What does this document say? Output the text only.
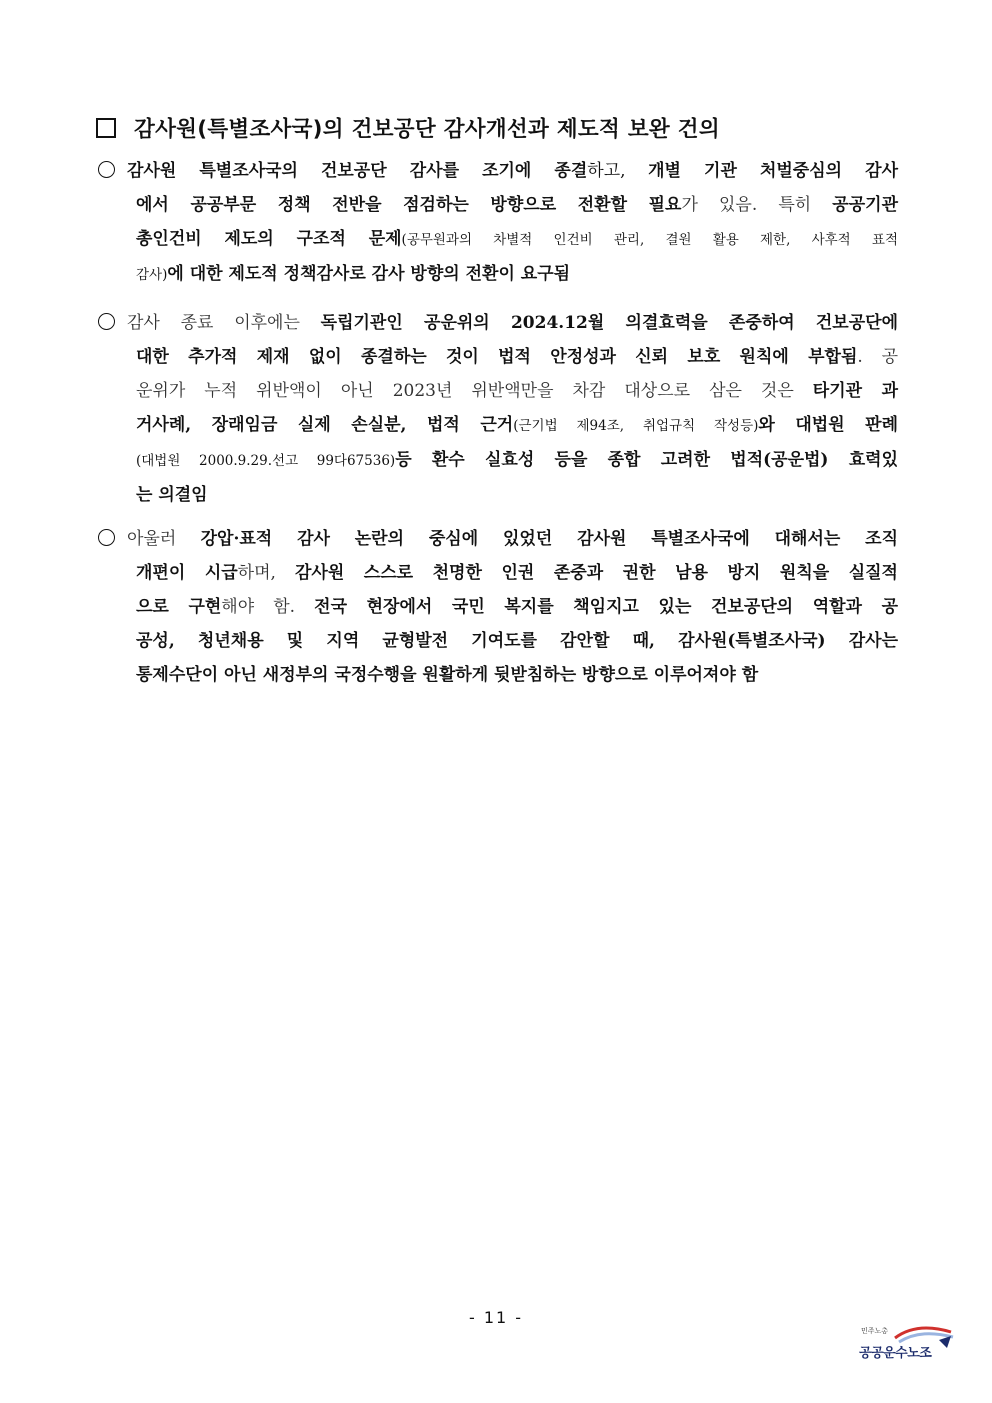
감사원(특별조사국)의 건보공단 감사개선과 제도적 보완 건의
감사원 특별조사국의 건보공단 감사를 조기에 종결하고, 개별 기관 처벌중심의 감사
에서 공공부문 정책 전반을 점검하는 방향으로 전환할 필요가 있음. 특히 공공기관
총인건비 제도의 구조적 문제(공무원과의 차별적 인건비 관리, 결원 활용 제한, 사후적 표적
감사)에 대한 제도적 정책감사로 감사 방향의 전환이 요구됨
감사 종료 이후에는 독립기관인 공운위의 2024.12월 의결효력을 존중하여 건보공단에
대한 추가적 제재 없이 종결하는 것이 법적 안정성과 신뢰 보호 원칙에 부합됨. 공
운위가 누적 위반액이 아닌 2023년 위반액만을 차감 대상으로 삼은 것은 타기관 과
거사례, 장래임금 실제 손실분, 법적 근거(근기법 제94조, 취업규칙 작성등)와 대법원 판례
(대법원 2000.9.29.선고 99다67536)등 환수 실효성 등을 종합 고려한 법적(공운법) 효력있
는 의결임
아울러 강압·표적 감사 논란의 중심에 있었던 감사원 특별조사국에 대해서는 조직
개편이 시급하며, 감사원 스스로 천명한 인권 존중과 권한 남용 방지 원칙을 실질적
으로 구현해야 함. 전국 현장에서 국민 복지를 책임지고 있는 건보공단의 역할과 공
공성, 청년채용 및 지역 균형발전 기여도를 감안할 때, 감사원(특별조사국) 감사는
통제수단이 아닌 새정부의 국정수행을 원활하게 뒷받침하는 방향으로 이루어져야 함
- 11 -
민주노총
공공운수노조
